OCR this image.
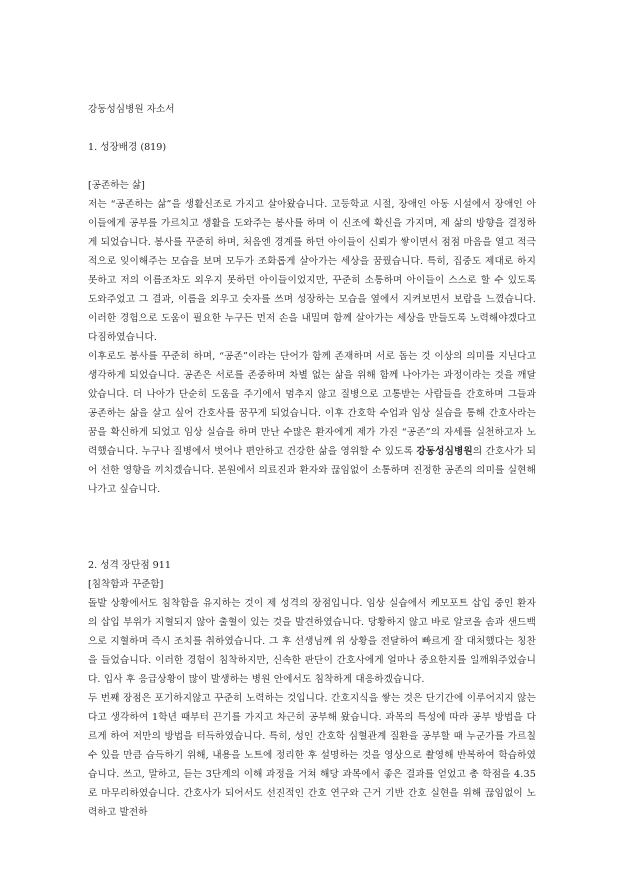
강동성심병원 자소서
1. 성장배경 (819)
[공존하는 삶]

저는 “공존하는 삶”을 생활신조로 가지고 살아왔습니다. 고등학교 시절, 장애인 아동 시설에서 장애인 아이들에게 공부를 가르치고 생활을 도와주는 봉사를 하며 이 신조에 확신을 가지며, 제 삶의 방향을 결정하게 되었습니다. 봉사를 꾸준히 하며, 처음엔 경계를 하던 아이들이 신뢰가 쌓이면서 점점 마음을 열고 적극적으로 잊이해주는 모습을 보며 모두가 조화롭게 살아가는 세상을 꿈꿨습니다. 특히, 집중도 제대로 하지 못하고 저의 이름조차도 외우지 못하던 아이들이었지만, 꾸준히 소통하며 아이들이 스스로 할 수 있도록 도와주었고 그 결과, 이름을 외우고 숫자를 쓰며 성장하는 모습을 옆에서 지켜보면서 보람을 느꼈습니다. 이러한 경험으로 도움이 필요한 누구든 먼저 손을 내밀며 함께 살아가는 세상을 만들도록 노력해야겠다고 다짐하였습니다.

이후로도 봉사를 꾸준히 하며, “공존”이라는 단어가 함께 존재하며 서로 돕는 것 이상의 의미를 지닌다고 생각하게 되었습니다. 공존은 서로를 존중하며 차별 없는 삶을 위해 함께 나아가는 과정이라는 것을 깨달았습니다. 더 나아가 단순히 도움을 주기에서 멈추지 않고 질병으로 고통받는 사람들을 간호하며 그들과 공존하는 삶을 살고 싶어 간호사를 꿈꾸게 되었습니다. 이후 간호학 수업과 임상 실습을 통해 간호사라는 꿈을 확신하게 되었고 임상 실습을 하며 만난 수많은 환자에게 제가 가진 “공존”의 자세를 실천하고자 노력했습니다. 누구나 질병에서 벗어나 편안하고 건강한 삶을 영위할 수 있도록 강동성심병원의 간호사가 되어 선한 영향을 끼치겠습니다. 본원에서 의료진과 환자와 끊임없이 소통하며 진정한 공존의 의미를 실현해나가고 싶습니다.

2. 성격 장단점 911
[침착함과 꾸준함]

돌발 상황에서도 침착함을 유지하는 것이 제 성격의 장점입니다. 임상 실습에서 케모포트 삽입 중인 환자의 삽입 부위가 지혈되지 않아 출혈이 있는 것을 발견하였습니다. 당황하지 않고 바로 알코올 솜과 샌드백으로 지혈하며 즉시 조치를 취하였습니다. 그 후 선생님께 위 상황을 전달하여 빠르게 잘 대처했다는 칭찬을 들었습니다. 이러한 경험이 침착하지만, 신속한 판단이 간호사에게 얼마나 중요한지를 일깨워주었습니다. 입사 후 응급상황이 많이 발생하는 병원 안에서도 침착하게 대응하겠습니다.

두 번째 장점은 포기하지않고 꾸준히 노력하는 것입니다. 간호지식을 쌓는 것은 단기간에 이루어지지 않는다고 생각하여 1학년 때부터 끈기를 가지고 차근히 공부해 왔습니다. 과목의 특성에 따라 공부 방법을 다르게 하여 저만의 방법을 터득하였습니다. 특히, 성인 간호학 심혈관계 질환을 공부할 때 누군가를 가르칠 수 있을 만큼 습득하기 위해, 내용을 노트에 정리한 후 설명하는 것을 영상으로 촬영해 반복하여 학습하였습니다. 쓰고, 말하고, 듣는 3단계의 이해 과정을 거쳐 해당 과목에서 좋은 결과를 얻었고 총 학점을 4.35로 마무리하였습니다. 간호사가 되어서도 선진적인 간호 연구와 근거 기반 간호 실현을 위해 끊임없이 노력하고 발전하
